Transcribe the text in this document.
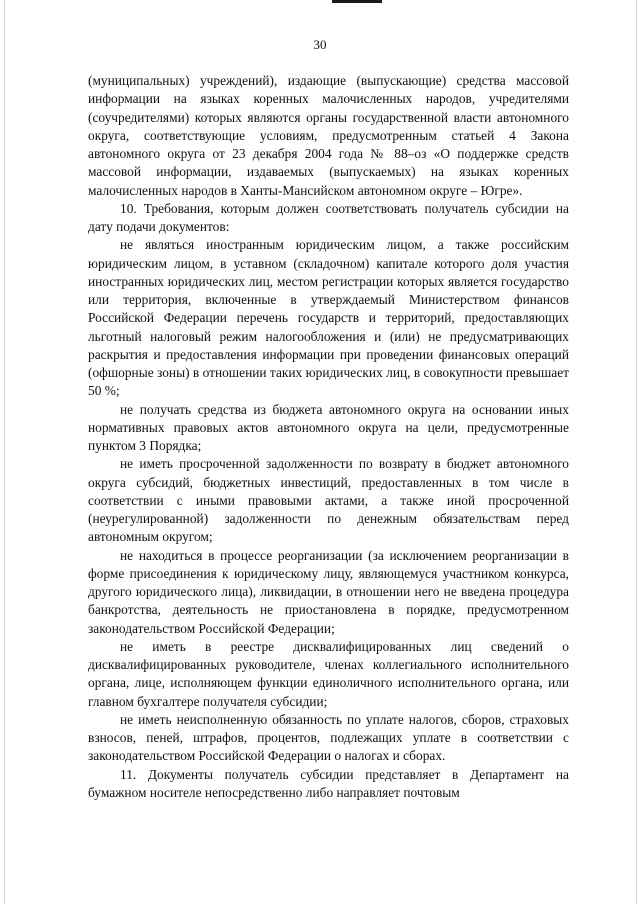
30

(муниципальных) учреждений), издающие (выпускающие) средства массовой информации на языках коренных малочисленных народов, учредителями (соучредителями) которых являются органы государственной власти автономного округа, соответствующие условиям, предусмотренным статьей 4 Закона автономного округа от 23 декабря 2004 года № 88–оз «О поддержке средств массовой информации, издаваемых (выпускаемых) на языках коренных малочисленных народов в Ханты-Мансийском автономном округе – Югре».

10. Требования, которым должен соответствовать получатель субсидии на дату подачи документов:

не являться иностранным юридическим лицом, а также российским юридическим лицом, в уставном (складочном) капитале которого доля участия иностранных юридических лиц, местом регистрации которых является государство или территория, включенные в утверждаемый Министерством финансов Российской Федерации перечень государств и территорий, предоставляющих льготный налоговый режим налогообложения и (или) не предусматривающих раскрытия и предоставления информации при проведении финансовых операций (офшорные зоны) в отношении таких юридических лиц, в совокупности превышает 50 %;

не получать средства из бюджета автономного округа на основании иных нормативных правовых актов автономного округа на цели, предусмотренные пунктом 3 Порядка;

не иметь просроченной задолженности по возврату в бюджет автономного округа субсидий, бюджетных инвестиций, предоставленных в том числе в соответствии с иными правовыми актами, а также иной просроченной (неурегулированной) задолженности по денежным обязательствам перед автономным округом;

не находиться в процессе реорганизации (за исключением реорганизации в форме присоединения к юридическому лицу, являющемуся участником конкурса, другого юридического лица), ликвидации, в отношении него не введена процедура банкротства, деятельность не приостановлена в порядке, предусмотренном законодательством Российской Федерации;

не иметь в реестре дисквалифицированных лиц сведений о дисквалифицированных руководителе, членах коллегиального исполнительного органа, лице, исполняющем функции единоличного исполнительного органа, или главном бухгалтере получателя субсидии;

не иметь неисполненную обязанность по уплате налогов, сборов, страховых взносов, пеней, штрафов, процентов, подлежащих уплате в соответствии с законодательством Российской Федерации о налогах и сборах.

11. Документы получатель субсидии представляет в Департамент на бумажном носителе непосредственно либо направляет почтовым
